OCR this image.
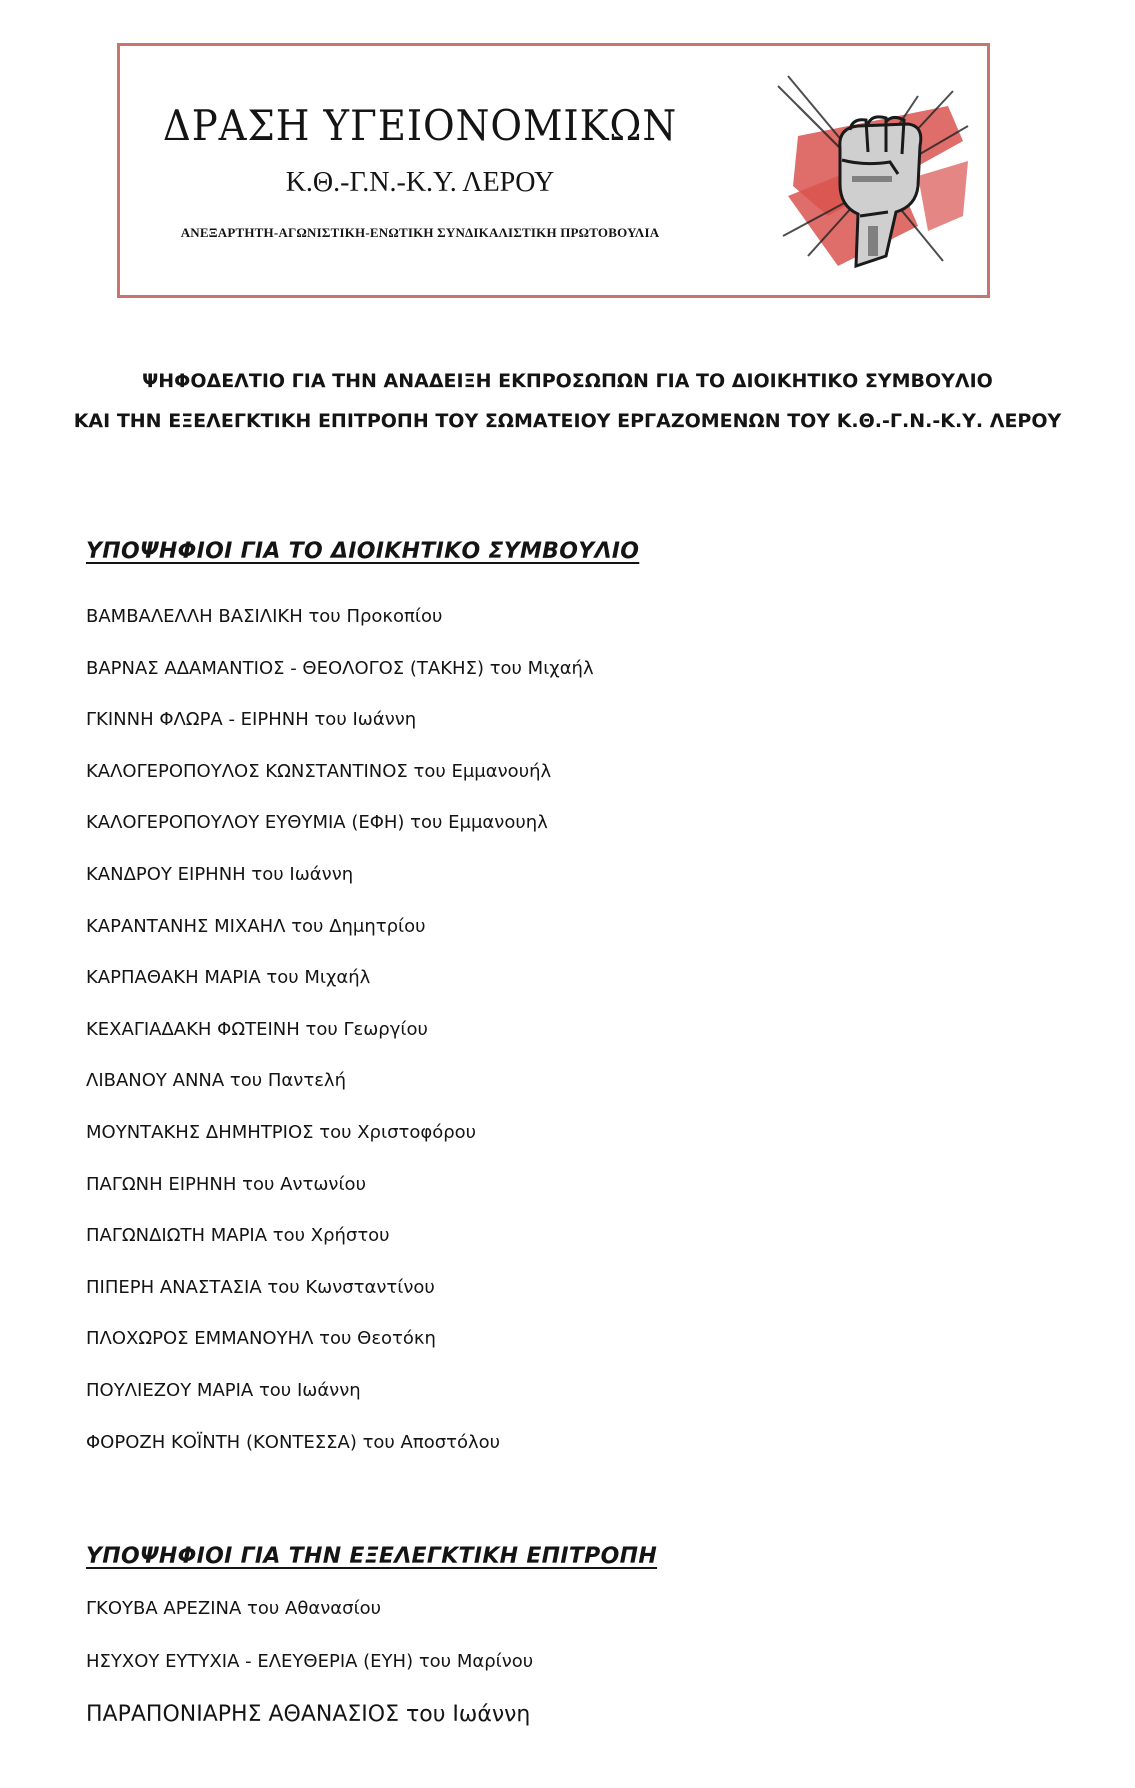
ΔΡΑΣΗ ΥΓΕΙΟΝΟΜΙΚΩΝ
Κ.Θ.-Γ.Ν.-Κ.Υ. ΛΕΡΟΥ
ΑΝΕΞΑΡΤΗΤΗ-ΑΓΩΝΙΣΤΙΚΗ-ΕΝΩΤΙΚΗ ΣΥΝΔΙΚΑΛΙΣΤΙΚΗ ΠΡΩΤΟΒΟΥΛΙΑ
ΨΗΦΟΔΕΛΤΙΟ ΓΙΑ ΤΗΝ ΑΝΑΔΕΙΞΗ ΕΚΠΡΟΣΩΠΩΝ ΓΙΑ ΤΟ ΔΙΟΙΚΗΤΙΚΟ ΣΥΜΒΟΥΛΙΟ
ΚΑΙ ΤΗΝ ΕΞΕΛΕΓΚΤΙΚΗ ΕΠΙΤΡΟΠΗ ΤΟΥ ΣΩΜΑΤΕΙΟΥ ΕΡΓΑΖΟΜΕΝΩΝ ΤΟΥ Κ.Θ.-Γ.Ν.-Κ.Υ. ΛΕΡΟΥ
ΥΠΟΨΗΦΙΟΙ ΓΙΑ ΤΟ ΔΙΟΙΚΗΤΙΚΟ ΣΥΜΒΟΥΛΙΟ
ΒΑΜΒΑΛΕΛΛΗ ΒΑΣΙΛΙΚΗ του Προκοπίου
ΒΑΡΝΑΣ ΑΔΑΜΑΝΤΙΟΣ - ΘΕΟΛΟΓΟΣ (ΤΑΚΗΣ) του Μιχαήλ
ΓΚΙΝΝΗ ΦΛΩΡΑ - ΕΙΡΗΝΗ του Ιωάννη
ΚΑΛΟΓΕΡΟΠΟΥΛΟΣ ΚΩΝΣΤΑΝΤΙΝΟΣ του Εμμανουήλ
ΚΑΛΟΓΕΡΟΠΟΥΛΟΥ ΕΥΘΥΜΙΑ (ΕΦΗ) του Εμμανουηλ
ΚΑΝΔΡΟΥ ΕΙΡΗΝΗ του Ιωάννη
ΚΑΡΑΝΤΑΝΗΣ ΜΙΧΑΗΛ του Δημητρίου
ΚΑΡΠΑΘΑΚΗ ΜΑΡΙΑ του Μιχαήλ
ΚΕΧΑΓΙΑΔΑΚΗ ΦΩΤΕΙΝΗ του Γεωργίου
ΛΙΒΑΝΟΥ ΑΝΝΑ του Παντελή
ΜΟΥΝΤΑΚΗΣ ΔΗΜΗΤΡΙΟΣ του Χριστοφόρου
ΠΑΓΩΝΗ ΕΙΡΗΝΗ του Αντωνίου
ΠΑΓΩΝΔΙΩΤΗ ΜΑΡΙΑ του Χρήστου
ΠΙΠΕΡΗ ΑΝΑΣΤΑΣΙΑ του Κωνσταντίνου
ΠΛΟΧΩΡΟΣ ΕΜΜΑΝΟΥΗΛ του Θεοτόκη
ΠΟΥΛΙΕΖΟΥ ΜΑΡΙΑ του Ιωάννη
ΦΟΡΟΖΗ ΚΟΪΝΤΗ (ΚΟΝΤΕΣΣΑ) του Αποστόλου
ΥΠΟΨΗΦΙΟΙ ΓΙΑ ΤΗΝ ΕΞΕΛΕΓΚΤΙΚΗ ΕΠΙΤΡΟΠΗ
ΓΚΟΥΒΑ ΑΡΕΖΙΝΑ του Αθανασίου
ΗΣΥΧΟΥ ΕΥΤΥΧΙΑ - ΕΛΕΥΘΕΡΙΑ (ΕΥΗ) του Μαρίνου
ΠΑΡΑΠΟΝΙΑΡΗΣ ΑΘΑΝΑΣΙΟΣ του Ιωάννη
